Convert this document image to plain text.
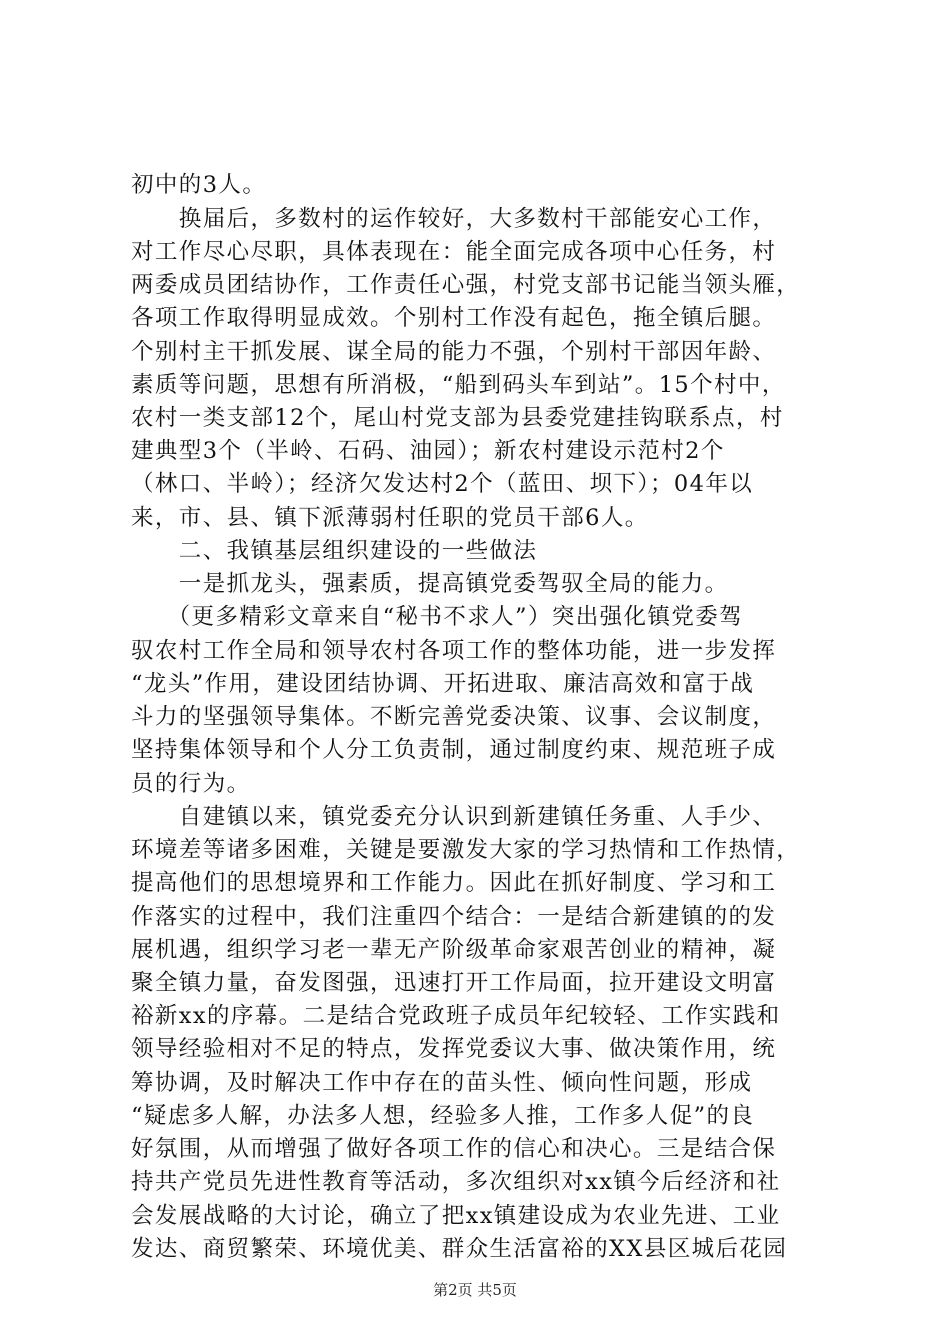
初中的3人。
　　换届后，多数村的运作较好，大多数村干部能安心工作，
对工作尽心尽职，具体表现在：能全面完成各项中心任务，村
两委成员团结协作，工作责任心强，村党支部书记能当领头雁，
各项工作取得明显成效。个别村工作没有起色，拖全镇后腿。
个别村主干抓发展、谋全局的能力不强，个别村干部因年龄、
素质等问题，思想有所消极，“船到码头车到站”。15个村中，
农村一类支部12个，尾山村党支部为县委党建挂钩联系点，村
建典型3个（半岭、石码、油园）；新农村建设示范村2个
（林口、半岭）；经济欠发达村2个（蓝田、坝下）；04年以
来，市、县、镇下派薄弱村任职的党员干部6人。
　　二、我镇基层组织建设的一些做法
　　一是抓龙头，强素质，提高镇党委驾驭全局的能力。
　　（更多精彩文章来自“秘书不求人”）突出强化镇党委驾
驭农村工作全局和领导农村各项工作的整体功能，进一步发挥
“龙头”作用，建设团结协调、开拓进取、廉洁高效和富于战
斗力的坚强领导集体。不断完善党委决策、议事、会议制度，
坚持集体领导和个人分工负责制，通过制度约束、规范班子成
员的行为。
　　自建镇以来，镇党委充分认识到新建镇任务重、人手少、
环境差等诸多困难，关键是要激发大家的学习热情和工作热情，
提高他们的思想境界和工作能力。因此在抓好制度、学习和工
作落实的过程中，我们注重四个结合：一是结合新建镇的的发
展机遇，组织学习老一辈无产阶级革命家艰苦创业的精神，凝
聚全镇力量，奋发图强，迅速打开工作局面，拉开建设文明富
裕新xx的序幕。二是结合党政班子成员年纪较轻、工作实践和
领导经验相对不足的特点，发挥党委议大事、做决策作用，统
筹协调，及时解决工作中存在的苗头性、倾向性问题，形成
“疑虑多人解，办法多人想，经验多人推，工作多人促”的良
好氛围，从而增强了做好各项工作的信心和决心。三是结合保
持共产党员先进性教育等活动，多次组织对xx镇今后经济和社
会发展战略的大讨论，确立了把xx镇建设成为农业先进、工业
发达、商贸繁荣、环境优美、群众生活富裕的XX县区城后花园
第2页 共5页
